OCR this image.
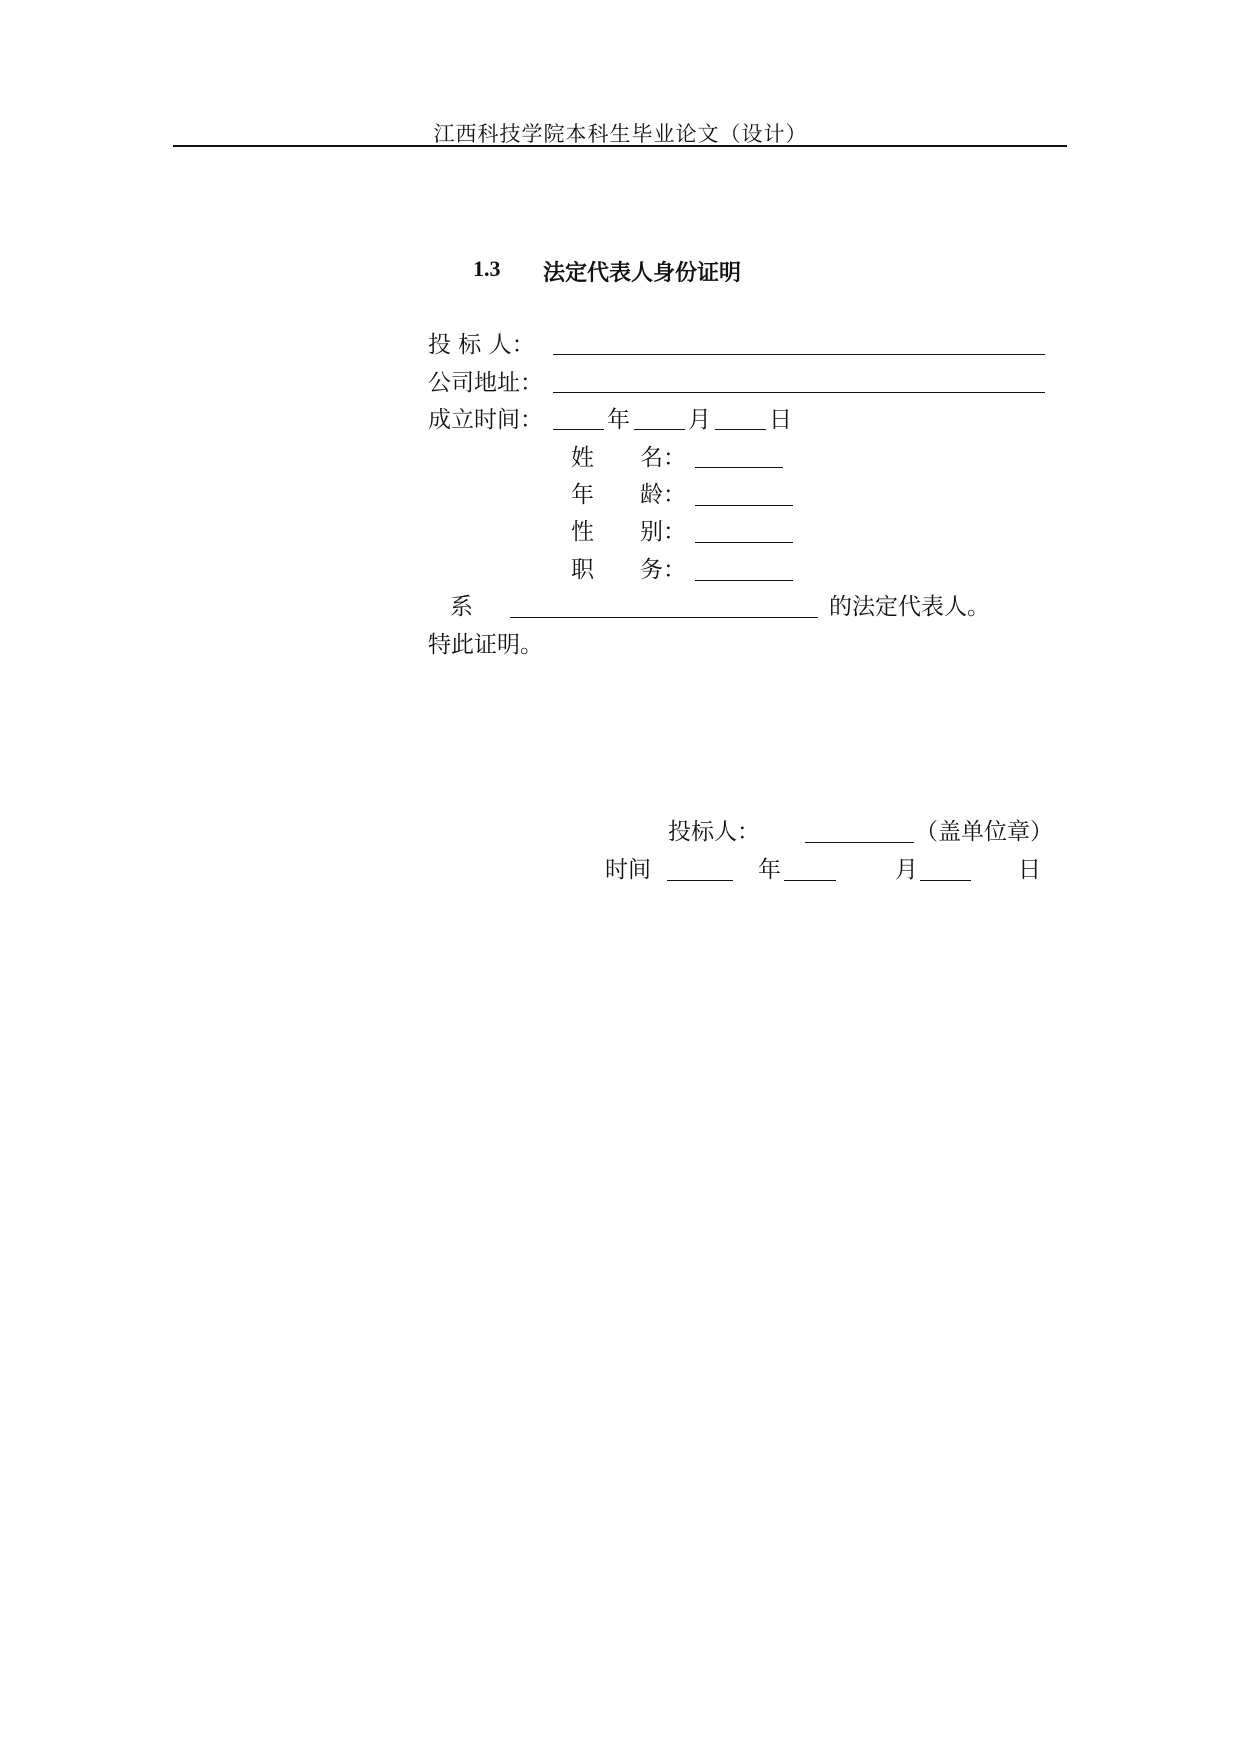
江西科技学院本科生毕业论文（设计）
1.3 法定代表人身份证明
投 标 人：
公司地址：
成立时间：	年	月	日
姓　　名：
年　　龄：
性　　别：
职　　务：
系	的法定代表人。
特此证明。
投标人：	（盖单位章）
时间	年	月	日
